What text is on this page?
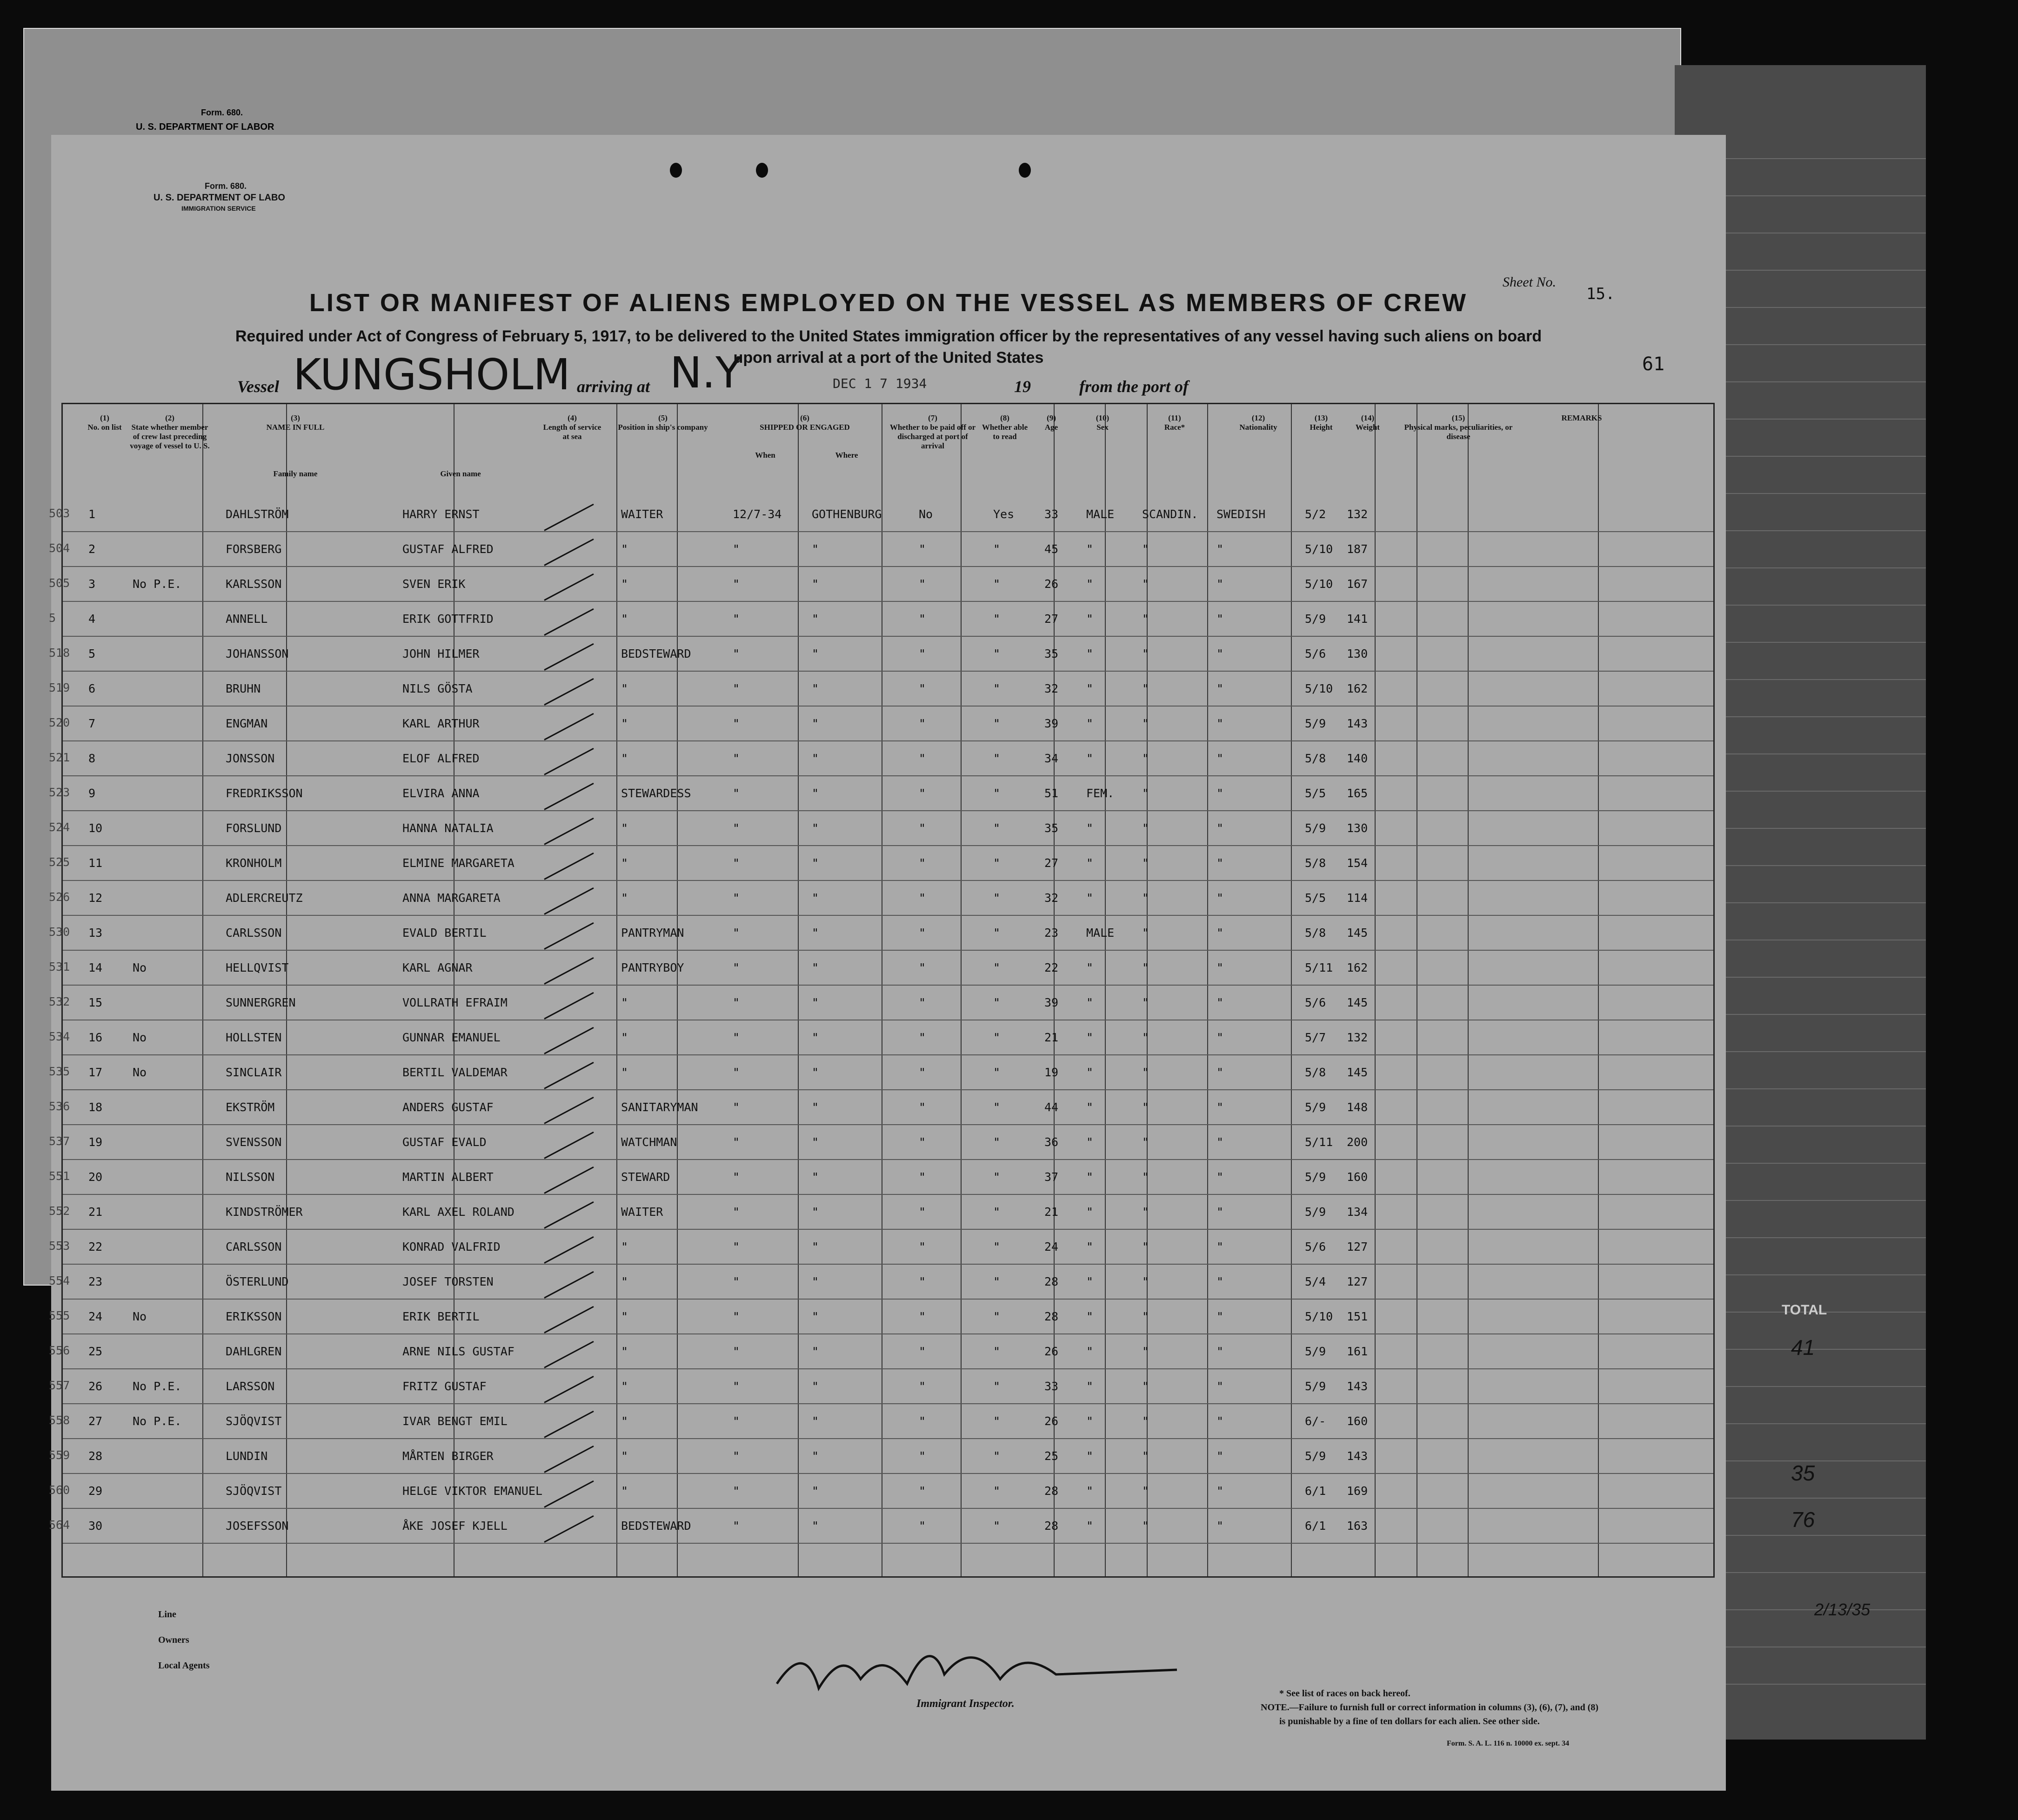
Form. 680.
U. S. DEPARTMENT OF LABOR
TOTAL
41
35
76
2/13/35
Form. 680.
U. S. DEPARTMENT OF LABO
IMMIGRATION SERVICE
Sheet No.
15.
LIST OR MANIFEST OF ALIENS EMPLOYED ON THE VESSEL AS MEMBERS OF CREW
Required under Act of Congress of February 5, 1917, to be delivered to the United States immigration officer by the representatives of any vessel having such aliens on board upon arrival at a port of the United States	61
Vessel KUNGSHOLM arriving at N.Y	DEC 1 7 1934	19	from the port of
(1)
No. on list
(2)
State whether member of crew last preceding voyage of vessel to U. S.
(3)
NAME IN FULL
Family name	Given name
(4)
Length of service at sea
(5)
Position in ship's company
(6)
SHIPPED OR ENGAGED
When	Where
(7)
Whether to be paid off or discharged at port of arrival
(8)
Whether able to read
(9)
Age
(10)
Sex
(11)
Race*
(12)
Nationality
(13)
Height
(14)
Weight
(15)
Physical marks, peculiarities, or disease
REMARKS
503 1	DAHLSTRÖM	HARRY ERNST	WAITER	12/7-34	GOTHENBURG	No	Yes	33 MALE SCANDIN. SWEDISH	5/2 132
504 2	FORSBERG	GUSTAF ALFRED	"	"	"	"	"	45 "	"	"	5/10 187
505 3	No P.E.	KARLSSON	SVEN ERIK	"	"	"	"	"	26 "	"	"	5/10 167
5	4	ANNELL	ERIK GOTTFRID	"	"	"	"	"	27 "	"	"	5/9 141
518 5	JOHANSSON	JOHN HILMER	BEDSTEWARD	"	"	"	"	35 "	"	"	5/6 130
519 6	BRUHN	NILS GÖSTA	"	"	"	"	"	32 "	"	"	5/10 162
520 7	ENGMAN	KARL ARTHUR	"	"	"	"	"	39 "	"	"	5/9 143
521 8	JONSSON	ELOF ALFRED	"	"	"	"	"	34 "	"	"	5/8 140
523 9	FREDRIKSSON	ELVIRA ANNA	STEWARDESS	"	"	"	"	51 FEM. "	"	5/5 165
524 10	FORSLUND	HANNA NATALIA	"	"	"	"	"	35 "	"	"	5/9 130
525 11	KRONHOLM	ELMINE MARGARETA	"	"	"	"	"	27 "	"	"	5/8 154
526 12	ADLERCREUTZ	ANNA MARGARETA	"	"	"	"	"	32 "	"	"	5/5 114
530 13	CARLSSON	EVALD BERTIL	PANTRYMAN	"	"	"	"	23 MALE "	"	5/8 145
531 14	No	HELLQVIST	KARL AGNAR	PANTRYBOY	"	"	"	"	22 "	"	"	5/11 162
532 15	SUNNERGREN	VOLLRATH EFRAIM	"	"	"	"	"	39 "	"	"	5/6 145
534 16	No	HOLLSTEN	GUNNAR EMANUEL	"	"	"	"	"	21 "	"	"	5/7 132
535 17	No	SINCLAIR	BERTIL VALDEMAR	"	"	"	"	"	19 "	"	"	5/8 145
536 18	EKSTRÖM	ANDERS GUSTAF	SANITARYMAN	"	"	"	"	44 "	"	"	5/9 148
537 19	SVENSSON	GUSTAF EVALD	WATCHMAN	"	"	"	"	36 "	"	"	5/11 200
551 20	NILSSON	MARTIN ALBERT	STEWARD	"	"	"	"	37 "	"	"	5/9 160
552 21	KINDSTRÖMER	KARL AXEL ROLAND	WAITER	"	"	"	"	21 "	"	"	5/9 134
553 22	CARLSSON	KONRAD VALFRID	"	"	"	"	"	24 "	"	"	5/6 127
554 23	ÖSTERLUND	JOSEF TORSTEN	"	"	"	"	"	28 "	"	"	5/4 127
555 24	No	ERIKSSON	ERIK BERTIL	"	"	"	"	"	28 "	"	"	5/10 151
556 25	DAHLGREN	ARNE NILS GUSTAF	"	"	"	"	"	26 "	"	"	5/9 161
557 26	No P.E.	LARSSON	FRITZ GUSTAF	"	"	"	"	"	33 "	"	"	5/9 143
558 27	No P.E.	SJÖQVIST	IVAR BENGT EMIL	"	"	"	"	"	26 "	"	"	6/- 160
559 28	LUNDIN	MÅRTEN BIRGER	"	"	"	"	"	25 "	"	"	5/9 143
560 29	SJÖQVIST	HELGE VIKTOR EMANUEL	"	"	"	"	"	28 "	"	"	6/1 169
564 30	JOSEFSSON	ÅKE JOSEF KJELL	BEDSTEWARD	"	"	"	"	28 "	"	"	6/1 163
Line
Owners
Local Agents
Immigrant Inspector.
* See list of races on back hereof.
NOTE.—Failure to furnish full or correct information in columns (3), (6), (7), and (8)
is punishable by a fine of ten dollars for each alien. See other side.
Form. S. A. L. 116 n. 10000 ex. sept. 34
